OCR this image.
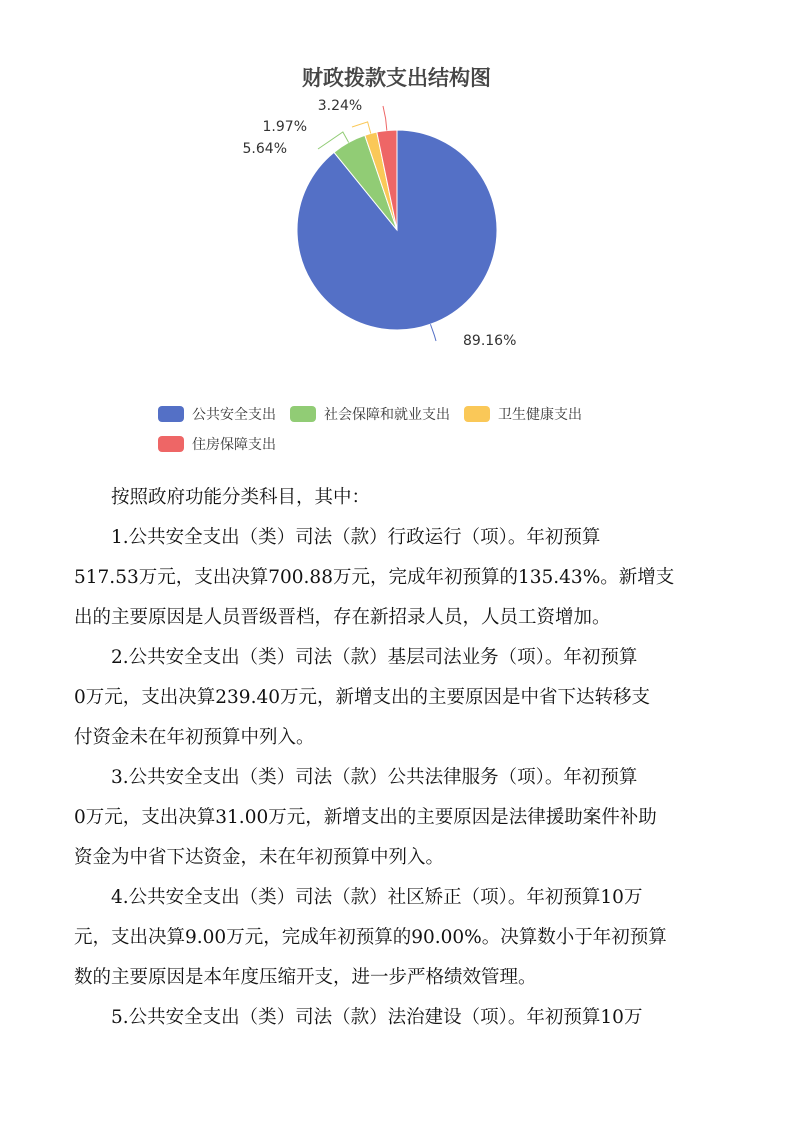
财政拨款支出结构图
89.16%
5.64%
1.97%
3.24%
公共安全支出	社会保障和就业支出	卫生健康支出
住房保障支出

按照政府功能分类科目，其中：

1.公共安全支出（类）司法（款）行政运行（项）。年初预算
517.53万元，支出决算700.88万元，完成年初预算的135.43%。新增支
出的主要原因是人员晋级晋档，存在新招录人员，人员工资增加。

2.公共安全支出（类）司法（款）基层司法业务（项）。年初预算
0万元，支出决算239.40万元，新增支出的主要原因是中省下达转移支
付资金未在年初预算中列入。

3.公共安全支出（类）司法（款）公共法律服务（项）。年初预算
0万元，支出决算31.00万元，新增支出的主要原因是法律援助案件补助
资金为中省下达资金，未在年初预算中列入。

4.公共安全支出（类）司法（款）社区矫正（项）。年初预算10万
元，支出决算9.00万元，完成年初预算的90.00%。决算数小于年初预算
数的主要原因是本年度压缩开支，进一步严格绩效管理。

5.公共安全支出（类）司法（款）法治建设（项）。年初预算10万
